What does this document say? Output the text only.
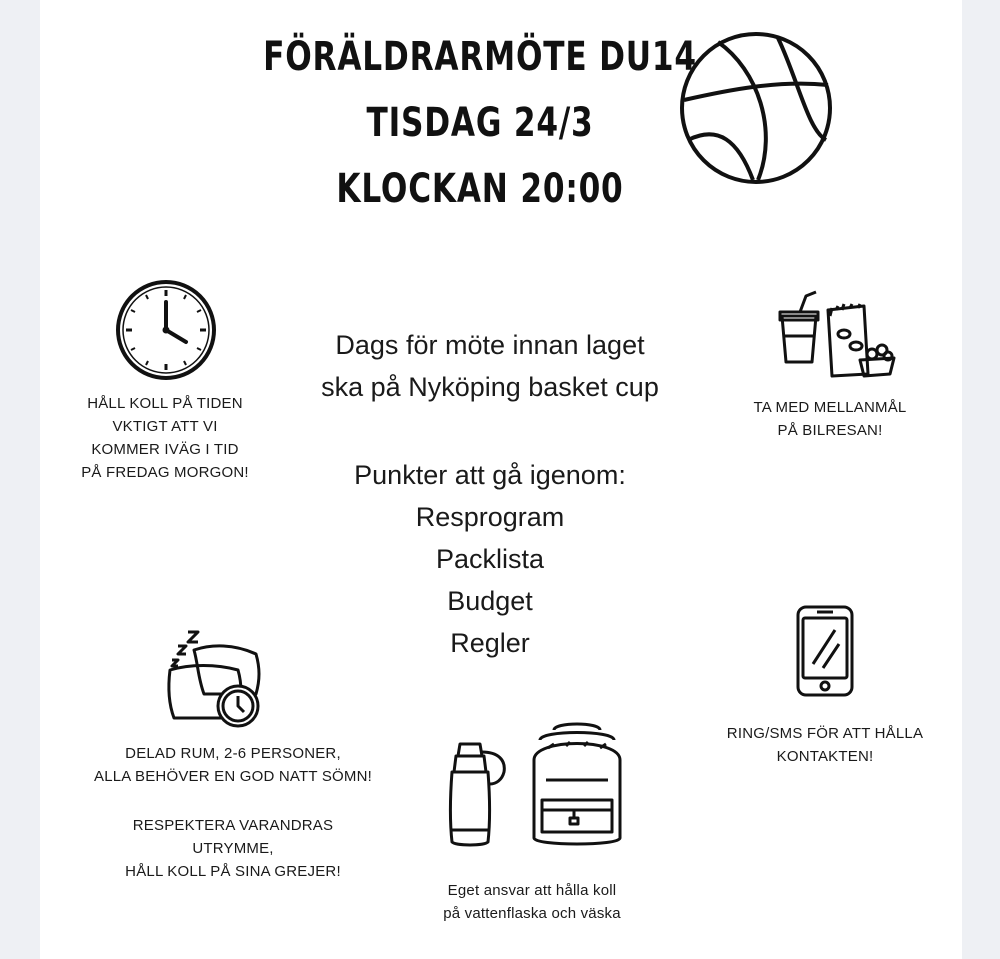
FÖRÄLDRARMÖTE DU14
TISDAG 24/3
KLOCKAN 20:00
HÅLL KOLL PÅ TIDEN
VKTIGT ATT VI
KOMMER IVÄG I TID
PÅ FREDAG MORGON!
TA MED MELLANMÅL
PÅ BILRESAN!
Dags för möte innan laget
ska på Nyköping basket cup
Punkter att gå igenom:
Resprogram
Packlista
Budget
Regler
DELAD RUM, 2-6 PERSONER,
ALLA BEHÖVER EN GOD NATT SÖMN!
RESPEKTERA VARANDRAS
UTRYMME,
HÅLL KOLL PÅ SINA GREJER!
RING/SMS FÖR ATT HÅLLA
KONTAKTEN!
Eget ansvar att hålla koll
på vattenflaska och väska
